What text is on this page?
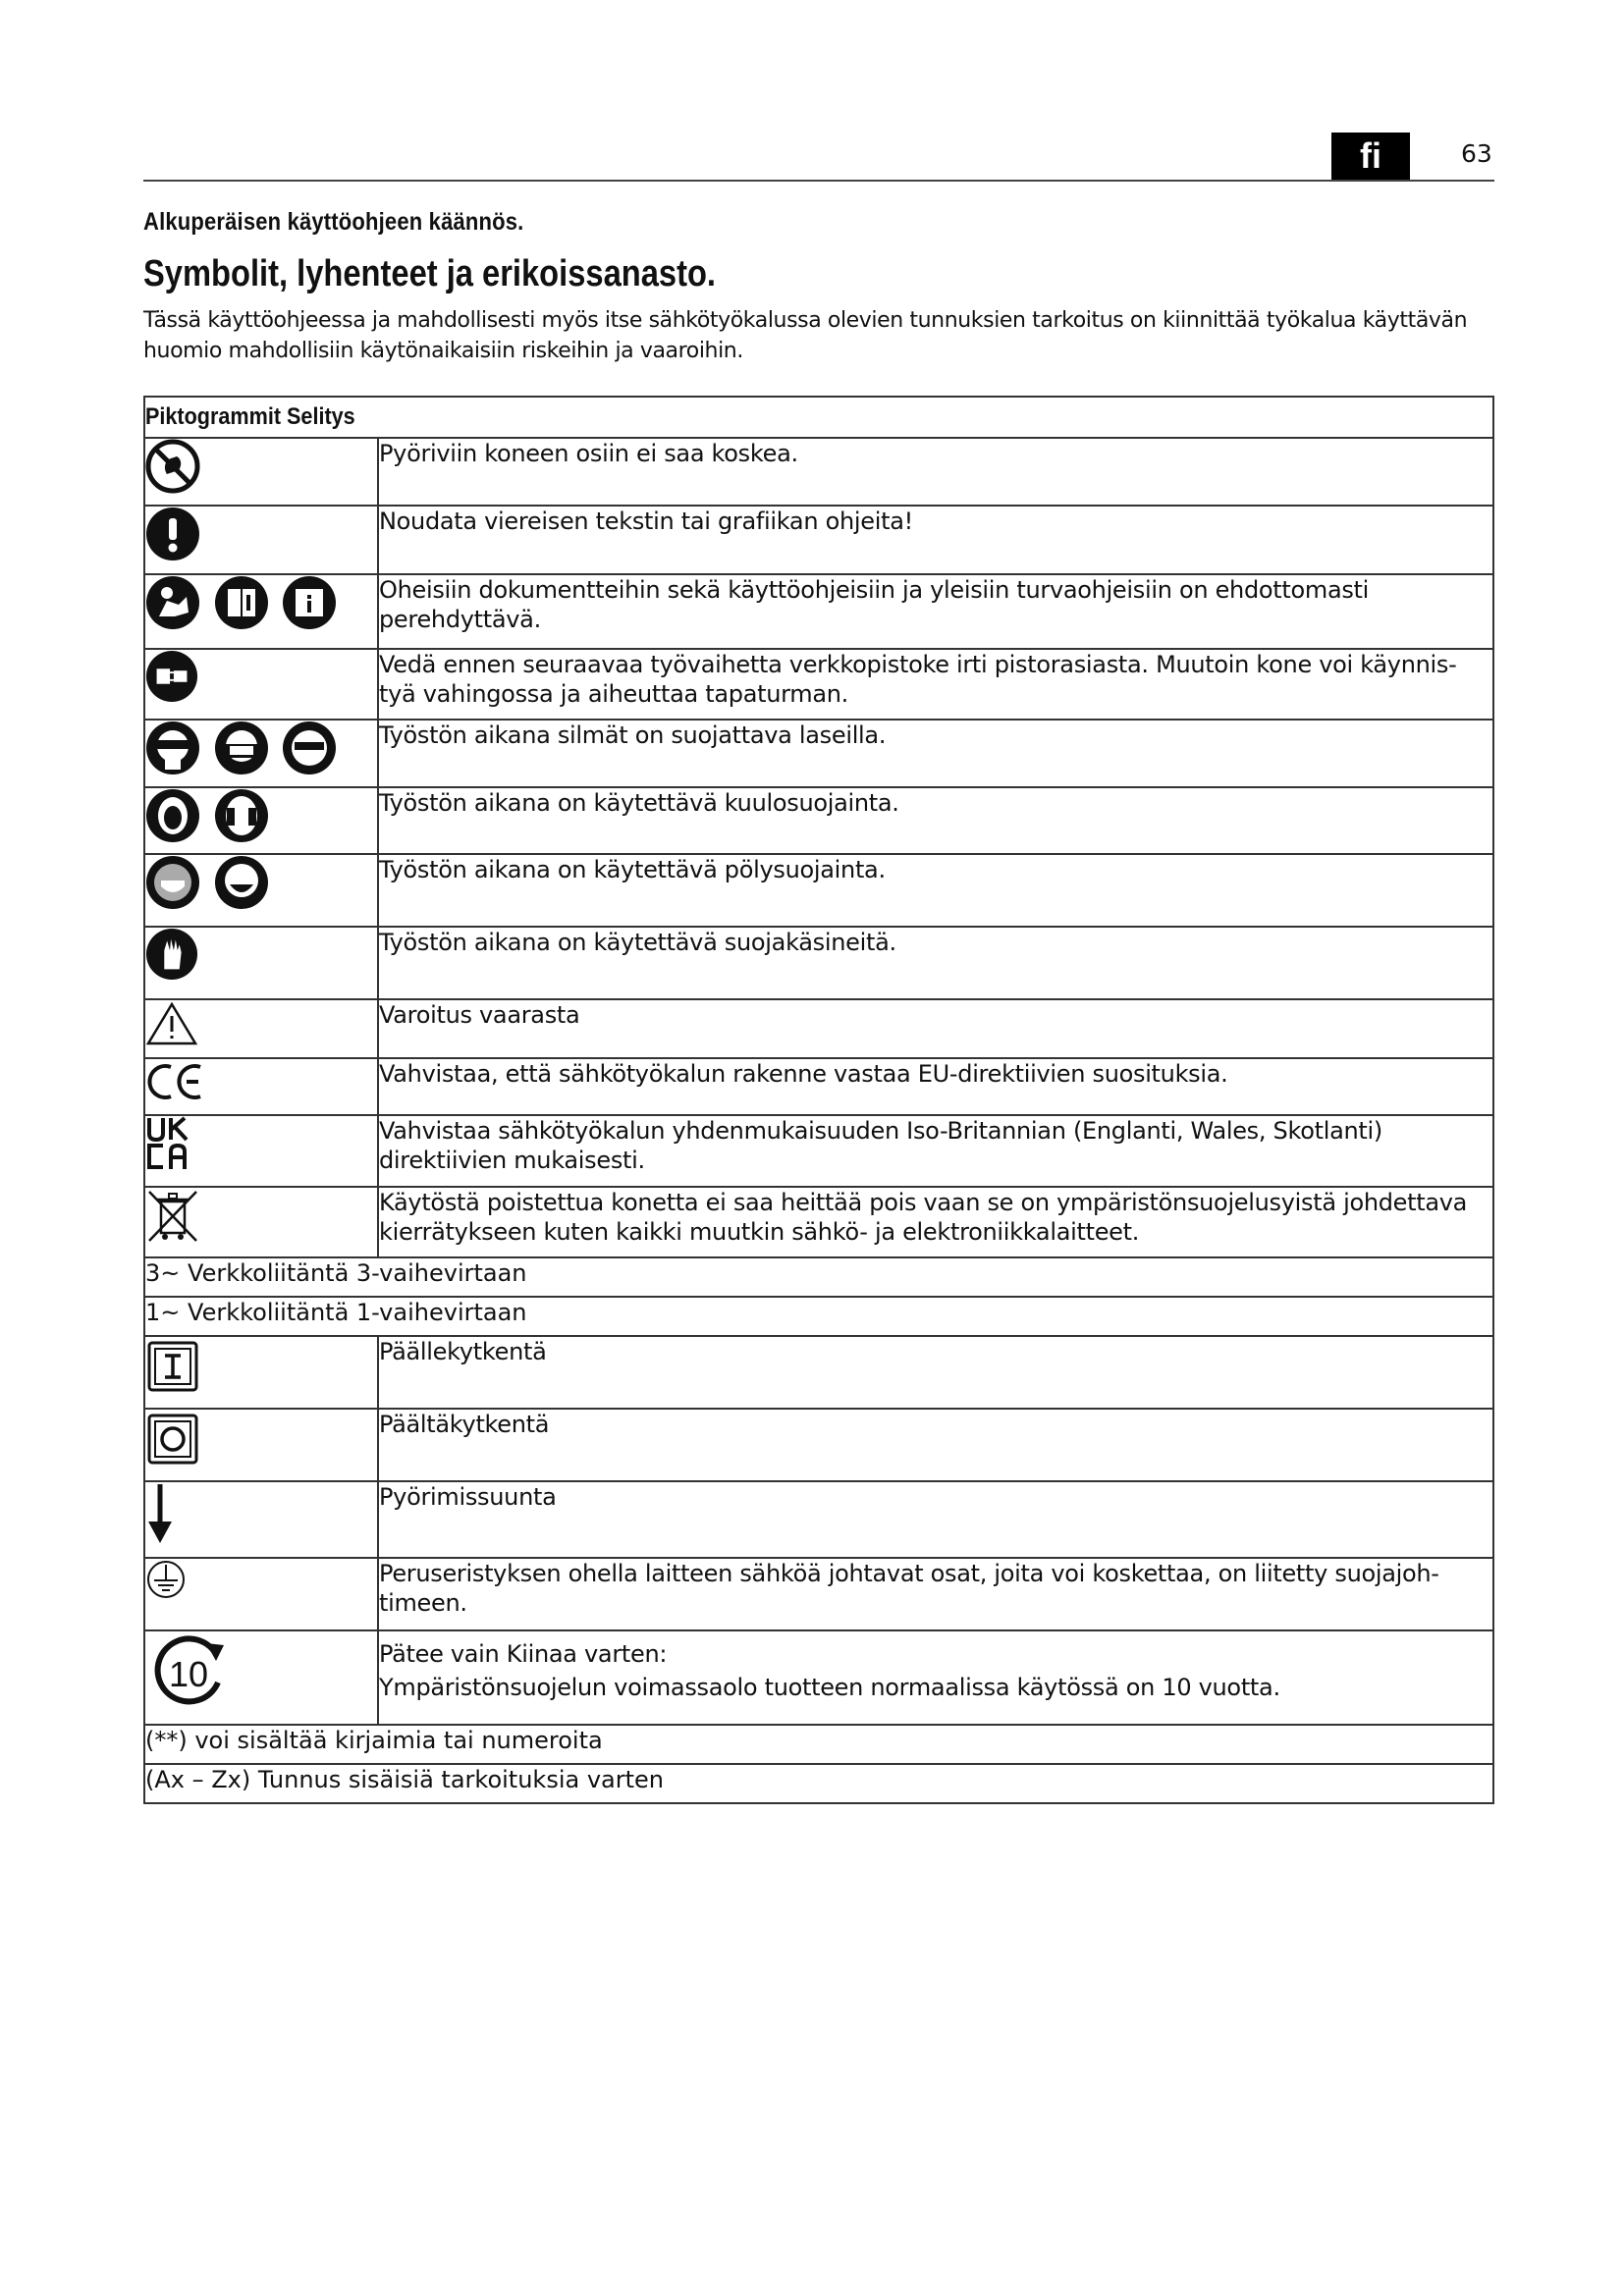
fi	63
Alkuperäisen käyttöohjeen käännös.
Symbolit, lyhenteet ja erikoissanasto.
Tässä käyttöohjeessa ja mahdollisesti myös itse sähkötyökalussa olevien tunnuksien tarkoitus on kiinnittää työkalua käyttävän huomio mahdollisiin käytönaikaisiin riskeihin ja vaaroihin.
Piktogrammit Selitys	
	Pyöriviin koneen osiin ei saa koskea.
	Noudata viereisen tekstin tai grafiikan ohjeita!
	Oheisiin dokumentteihin sekä käyttöohjeisiin ja yleisiin turvaohjeisiin on ehdottomasti perehdyttävä.
	Vedä ennen seuraavaa työvaihetta verkkopistoke irti pistorasiasta. Muutoin kone voi käynnis-tyä vahingossa ja aiheuttaa tapaturman.
	Työstön aikana silmät on suojattava laseilla.
	Työstön aikana on käytettävä kuulosuojainta.
	Työstön aikana on käytettävä pölysuojainta.
	Työstön aikana on käytettävä suojakäsineitä.
	Varoitus vaarasta
	Vahvistaa, että sähkötyökalun rakenne vastaa EU-direktiivien suosituksia.
	Vahvistaa sähkötyökalun yhdenmukaisuuden Iso-Britannian (Englanti, Wales, Skotlanti) direktiivien mukaisesti.
	Käytöstä poistettua konetta ei saa heittää pois vaan se on ympäristönsuojelusyistä johdettava kierrätykseen kuten kaikki muutkin sähkö- ja elektroniikkalaitteet.
3~ Verkkoliitäntä 3-vaihevirtaan	
1~ Verkkoliitäntä 1-vaihevirtaan	
	Päällekytkentä
	Päältäkytkentä
	Pyörimissuunta
	Peruseristyksen ohella laitteen sähköä johtavat osat, joita voi koskettaa, on liitetty suojajoh-timeen.

10	Pätee vain Kiinaa varten:
Ympäristönsuojelun voimassaolo tuotteen normaalissa käytössä on 10 vuotta.

(**) voi sisältää kirjaimia tai numeroita	
(Ax – Zx) Tunnus sisäisiä tarkoituksia varten	
